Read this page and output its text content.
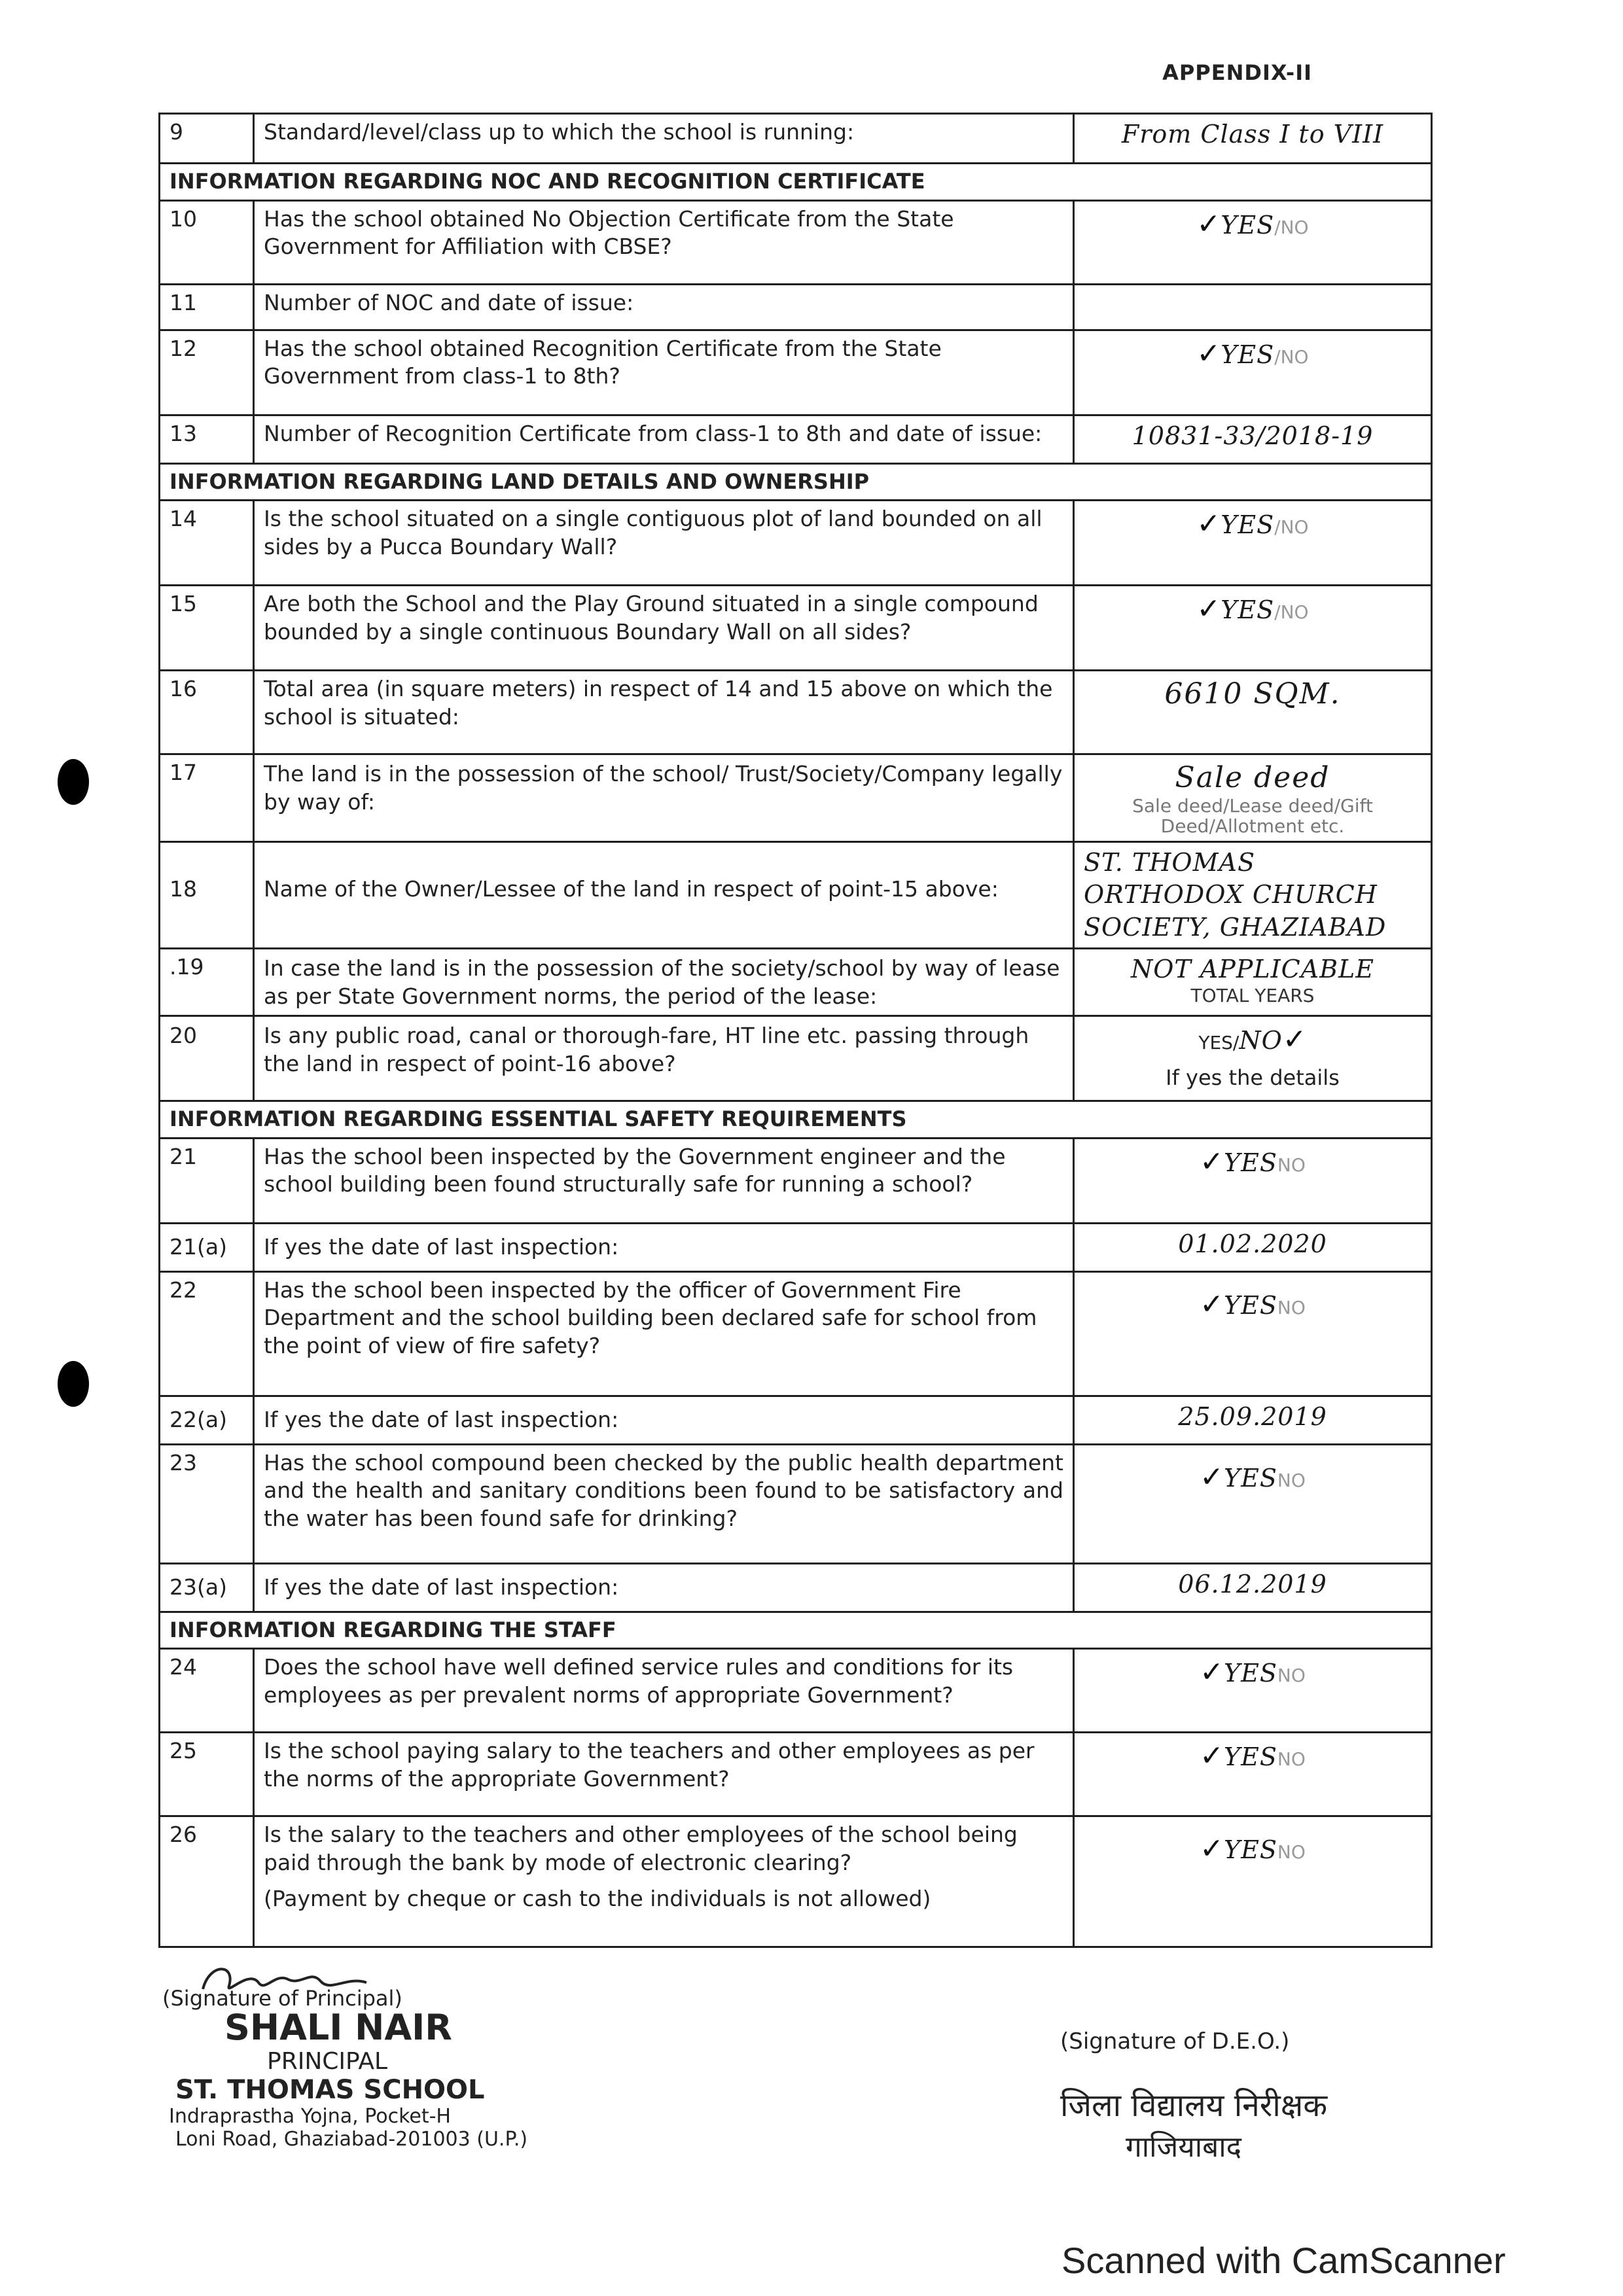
APPENDIX-II
9	Standard/level/class up to which the school is running:	From Class I to VIII
INFORMATION REGARDING NOC AND RECOGNITION CERTIFICATE		
10	Has the school obtained No Objection Certificate from the State Government for Affiliation with CBSE?	✓YES/NO
11	Number of NOC and date of issue:	
12	Has the school obtained Recognition Certificate from the State Government from class-1 to 8th?	✓YES/NO
13	Number of Recognition Certificate from class-1 to 8th and date of issue:	10831-33/2018-19
INFORMATION REGARDING LAND DETAILS AND OWNERSHIP		
14	Is the school situated on a single contiguous plot of land bounded on all sides by a Pucca Boundary Wall?	✓YES/NO
15	Are both the School and the Play Ground situated in a single compound bounded by a single continuous Boundary Wall on all sides?	✓YES/NO
16	Total area (in square meters) in respect of 14 and 15 above on which the school is situated:	6610 SQM.
17	The land is in the possession of the school/ Trust/Society/Company legally by way of:	Sale deed
Sale deed/Lease deed/Gift Deed/Allotment etc.

18	Name of the Owner/Lessee of the land in respect of point-15 above:	ST. THOMAS
ORTHODOX CHURCH
SOCIETY, GHAZIABAD

.19	In case the land is in the possession of the society/school by way of lease as per State Government norms, the period of the lease:	NOT APPLICABLE
TOTAL YEARS

20	Is any public road, canal or thorough-fare, HT line etc. passing through the land in respect of point-16 above?	YES/NO✓
If yes the details

INFORMATION REGARDING ESSENTIAL SAFETY REQUIREMENTS		
21	Has the school been inspected by the Government engineer and the school building been found structurally safe for running a school?	✓YESNO
21(a)	If yes the date of last inspection:	01.02.2020
22	Has the school been inspected by the officer of Government Fire Department and the school building been declared safe for school from the point of view of fire safety?	✓YESNO
22(a)	If yes the date of last inspection:	25.09.2019
23	Has the school compound been checked by the public health department and the health and sanitary conditions been found to be satisfactory and the water has been found safe for drinking?	✓YESNO
23(a)	If yes the date of last inspection:	06.12.2019
INFORMATION REGARDING THE STAFF		
24	Does the school have well defined service rules and conditions for its employees as per prevalent norms of appropriate Government?	✓YESNO
25	Is the school paying salary to the teachers and other employees as per the norms of the appropriate Government?	✓YESNO
26	Is the salary to the teachers and other employees of the school being paid through the bank by mode of electronic clearing?
(Payment by cheque or cash to the individuals is not allowed)	✓YESNO
(Signature of Principal)
SHALI NAIR
PRINCIPAL
ST. THOMAS SCHOOL
Indraprastha Yojna, Pocket-H
Loni Road, Ghaziabad-201003 (U.P.)
(Signature of D.E.O.)
जिला विद्यालय निरीक्षक
गाजियाबाद
Scanned with CamScanner
